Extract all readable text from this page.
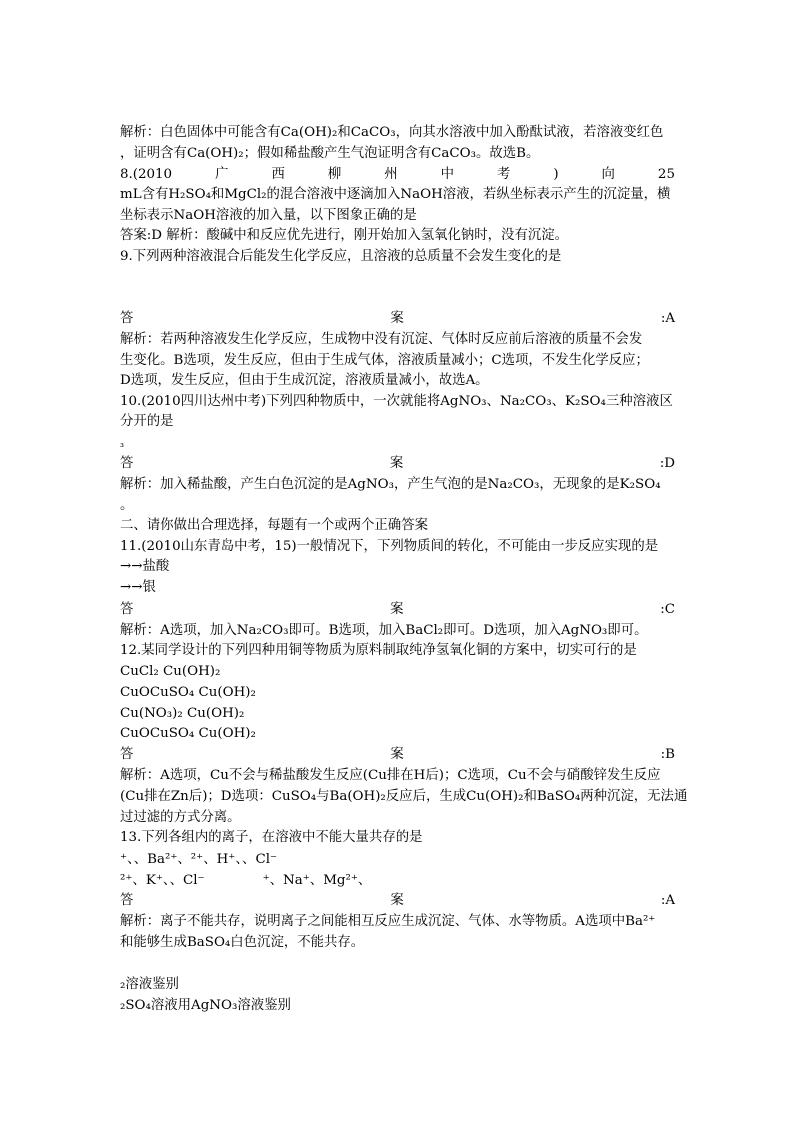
解析：白色固体中可能含有Ca(OH)₂和CaCO₃，向其水溶液中加入酚酞试液，若溶液变红色
，证明含有Ca(OH)₂；假如稀盐酸产生气泡证明含有CaCO₃。故选B。
8.(2010	广	西	柳	州	中	考	)	向	25
mL含有H₂SO₄和MgCl₂的混合溶液中逐滴加入NaOH溶液，若纵坐标表示产生的沉淀量，横
坐标表示NaOH溶液的加入量，以下图象正确的是
答案:D 解析：酸碱中和反应优先进行，刚开始加入氢氧化钠时，没有沉淀。
9.下列两种溶液混合后能发生化学反应，且溶液的总质量不会发生变化的是
答	案	:A
解析：若两种溶液发生化学反应，生成物中没有沉淀、气体时反应前后溶液的质量不会发
生变化。B选项，发生反应，但由于生成气体，溶液质量减小；C选项，不发生化学反应；
D选项，发生反应，但由于生成沉淀，溶液质量减小，故选A。
10.(2010四川达州中考)下列四种物质中，一次就能将AgNO₃、Na₂CO₃、K₂SO₄三种溶液区
分开的是
₃
答	案	:D
解析：加入稀盐酸，产生白色沉淀的是AgNO₃，产生气泡的是Na₂CO₃，无现象的是K₂SO₄
。
二、请你做出合理选择，每题有一个或两个正确答案
11.(2010山东青岛中考，15)一般情况下，下列物质间的转化，不可能由一步反应实现的是
→→盐酸
→→银
答	案	:C
解析：A选项，加入Na₂CO₃即可。B选项，加入BaCl₂即可。D选项，加入AgNO₃即可。
12.某同学设计的下列四种用铜等物质为原料制取纯净氢氧化铜的方案中，切实可行的是
CuCl₂ Cu(OH)₂
CuOCuSO₄ Cu(OH)₂
Cu(NO₃)₂ Cu(OH)₂
CuOCuSO₄ Cu(OH)₂
答	案	:B
解析：A选项，Cu不会与稀盐酸发生反应(Cu排在H后)；C选项，Cu不会与硝酸锌发生反应
(Cu排在Zn后)；D选项：CuSO₄与Ba(OH)₂反应后，生成Cu(OH)₂和BaSO₄两种沉淀，无法通
过过滤的方式分离。
13.下列各组内的离子，在溶液中不能大量共存的是
⁺、、Ba²⁺、²⁺、H⁺、、Cl⁻
²⁺、K⁺、、Cl⁻	⁺、Na⁺、Mg²⁺、
答	案	:A
解析：离子不能共存，说明离子之间能相互反应生成沉淀、气体、水等物质。A选项中Ba²⁺
和能够生成BaSO₄白色沉淀，不能共存。
₂溶液鉴别
₂SO₄溶液用AgNO₃溶液鉴别
